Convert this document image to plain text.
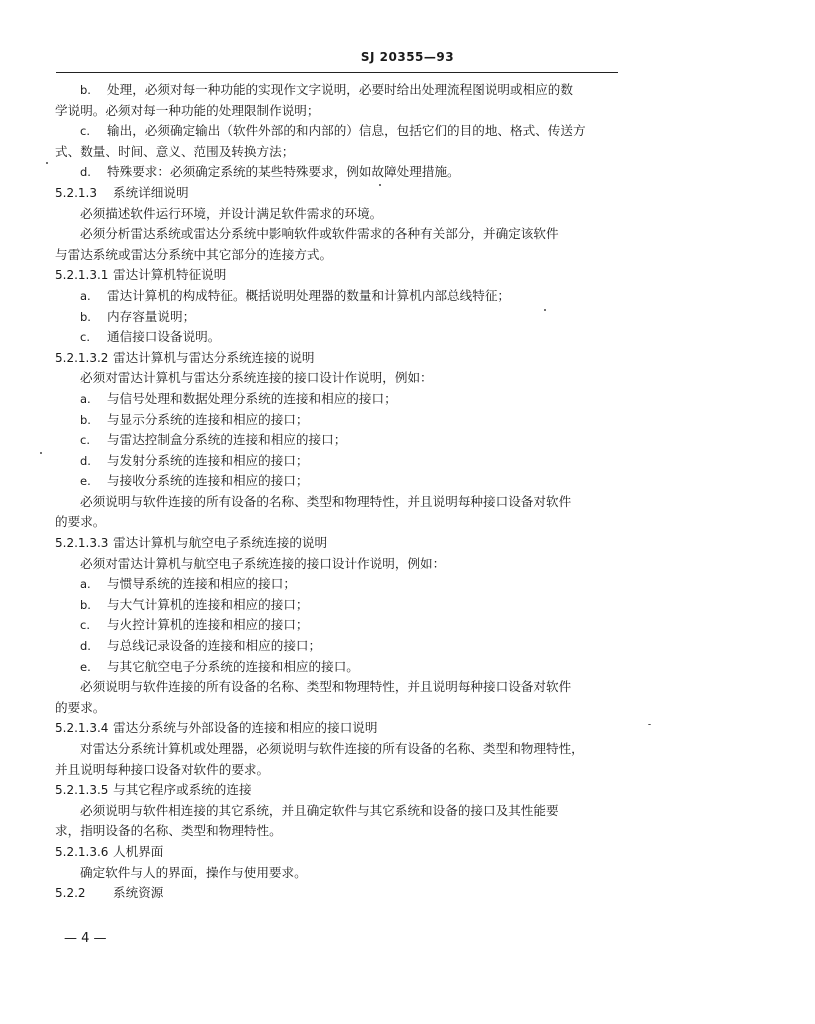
SJ 20355—93
b. 处理，必须对每一种功能的实现作文字说明，必要时给出处理流程图说明或相应的数
学说明。必须对每一种功能的处理限制作说明；
c. 输出，必须确定输出（软件外部的和内部的）信息，包括它们的目的地、格式、传送方
式、数量、时间、意义、范围及转换方法；
d. 特殊要求：必须确定系统的某些特殊要求，例如故障处理措施。
5.2.1.3 系统详细说明
必须描述软件运行环境，并设计满足软件需求的环境。
必须分析雷达系统或雷达分系统中影响软件或软件需求的各种有关部分，并确定该软件
与雷达系统或雷达分系统中其它部分的连接方式。
5.2.1.3.1 雷达计算机特征说明
a. 雷达计算机的构成特征。概括说明处理器的数量和计算机内部总线特征；
b. 内存容量说明；
c. 通信接口设备说明。
5.2.1.3.2 雷达计算机与雷达分系统连接的说明
必须对雷达计算机与雷达分系统连接的接口设计作说明，例如：
a. 与信号处理和数据处理分系统的连接和相应的接口；
b. 与显示分系统的连接和相应的接口；
c. 与雷达控制盒分系统的连接和相应的接口；
d. 与发射分系统的连接和相应的接口；
e. 与接收分系统的连接和相应的接口；
必须说明与软件连接的所有设备的名称、类型和物理特性，并且说明每种接口设备对软件
的要求。
5.2.1.3.3 雷达计算机与航空电子系统连接的说明
必须对雷达计算机与航空电子系统连接的接口设计作说明，例如：
a. 与惯导系统的连接和相应的接口；
b. 与大气计算机的连接和相应的接口；
c. 与火控计算机的连接和相应的接口；
d. 与总线记录设备的连接和相应的接口；
e. 与其它航空电子分系统的连接和相应的接口。
必须说明与软件连接的所有设备的名称、类型和物理特性，并且说明每种接口设备对软件
的要求。
5.2.1.3.4 雷达分系统与外部设备的连接和相应的接口说明
对雷达分系统计算机或处理器，必须说明与软件连接的所有设备的名称、类型和物理特性，
并且说明每种接口设备对软件的要求。
5.2.1.3.5 与其它程序或系统的连接
必须说明与软件相连接的其它系统，并且确定软件与其它系统和设备的接口及其性能要
求，指明设备的名称、类型和物理特性。
5.2.1.3.6 人机界面
确定软件与人的界面，操作与使用要求。
5.2.2 系统资源
— 4 —
